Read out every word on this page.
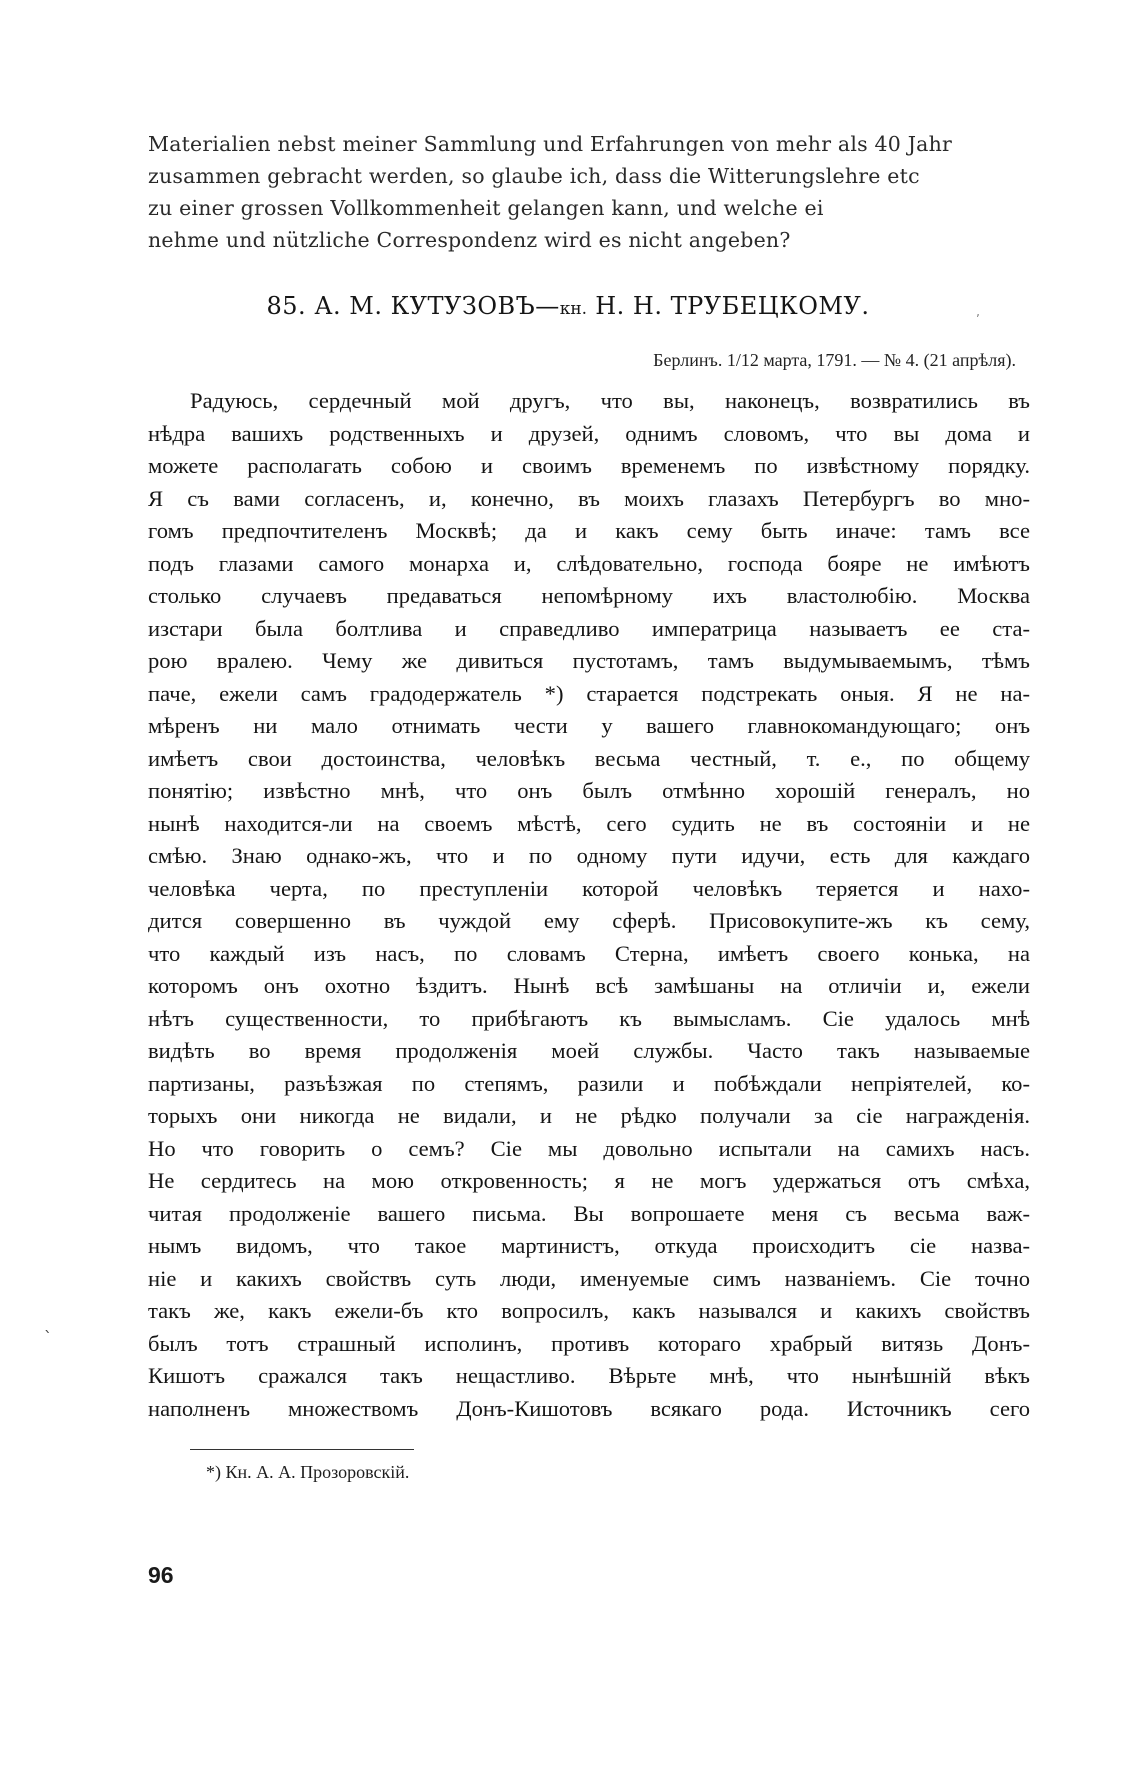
Materialien nebst meiner Sammlung und Erfahrungen von mehr als 40 Jahr
zusammen gebracht werden, so glaube ich, dass die Witterungslehre etc
zu einer grossen Vollkommenheit gelangen kann, und welche ei
nehme und nützliche Correspondenz wird es nicht angeben?
85. А. М. КУТУЗОВЪ—кн. Н. Н. ТРУБЕЦКОМУ.
Берлинъ. 1/12 марта, 1791. — № 4. (21 апрѣля).
Радуюсь, сердечный мой другъ, что вы, наконецъ, возвратились въ
нѣдра вашихъ родственныхъ и друзей, однимъ словомъ, что вы дома и
можете располагать собою и своимъ временемъ по извѣстному порядку.
Я съ вами согласенъ, и, конечно, въ моихъ глазахъ Петербургъ во мно-
гомъ предпочтителенъ Москвѣ; да и какъ сему быть иначе: тамъ все
подъ глазами самого монарха и, слѣдовательно, господа бояре не имѣютъ
столько случаевъ предаваться непомѣрному ихъ властолюбію. Москва
изстари была болтлива и справедливо императрица называетъ ее ста-
рою вралею. Чему же дивиться пустотамъ, тамъ выдумываемымъ, тѣмъ
паче, ежели самъ градодержатель *) старается подстрекать оныя. Я не на-
мѣренъ ни мало отнимать чести у вашего главнокомандующаго; онъ
имѣетъ свои достоинства, человѣкъ весьма честный, т. е., по общему
понятію; извѣстно мнѣ, что онъ былъ отмѣнно хорошій генералъ, но
нынѣ находится-ли на своемъ мѣстѣ, сего судить не въ состояніи и не
смѣю. Знаю однако-жъ, что и по одному пути идучи, есть для каждаго
человѣка черта, по преступленіи которой человѣкъ теряется и нахо-
дится совершенно въ чуждой ему сферѣ. Присовокупите-жъ къ сему,
что каждый изъ насъ, по словамъ Стерна, имѣетъ своего конька, на
которомъ онъ охотно ѣздитъ. Нынѣ всѣ замѣшаны на отличіи и, ежели
нѣтъ существенности, то прибѣгаютъ къ вымысламъ. Сіе удалось мнѣ
видѣть во время продолженія моей службы. Часто такъ называемые
партизаны, разъѣзжая по степямъ, разили и побѣждали непріятелей, ко-
торыхъ они никогда не видали, и не рѣдко получали за сіе награжденія.
Но что говорить о семъ? Сіе мы довольно испытали на самихъ насъ.
Не сердитесь на мою откровенность; я не могъ удержаться отъ смѣха,
читая продолженіе вашего письма. Вы вопрошаете меня съ весьма важ-
нымъ видомъ, что такое мартинистъ, откуда происходитъ сіе назва-
ніе и какихъ свойствъ суть люди, именуемые симъ названіемъ. Сіе точно
такъ же, какъ ежели-бъ кто вопросилъ, какъ назывался и какихъ свойствъ
былъ тотъ страшный исполинъ, противъ котораго храбрый витязь Донъ-
Кишотъ сражался такъ нещастливо. Вѣрьте мнѣ, что нынѣшній вѣкъ
наполненъ множествомъ Донъ-Кишотовъ всякаго рода. Источникъ сего
*) Кн. А. А. Прозоровскій.
ʼ
ˋ
96
